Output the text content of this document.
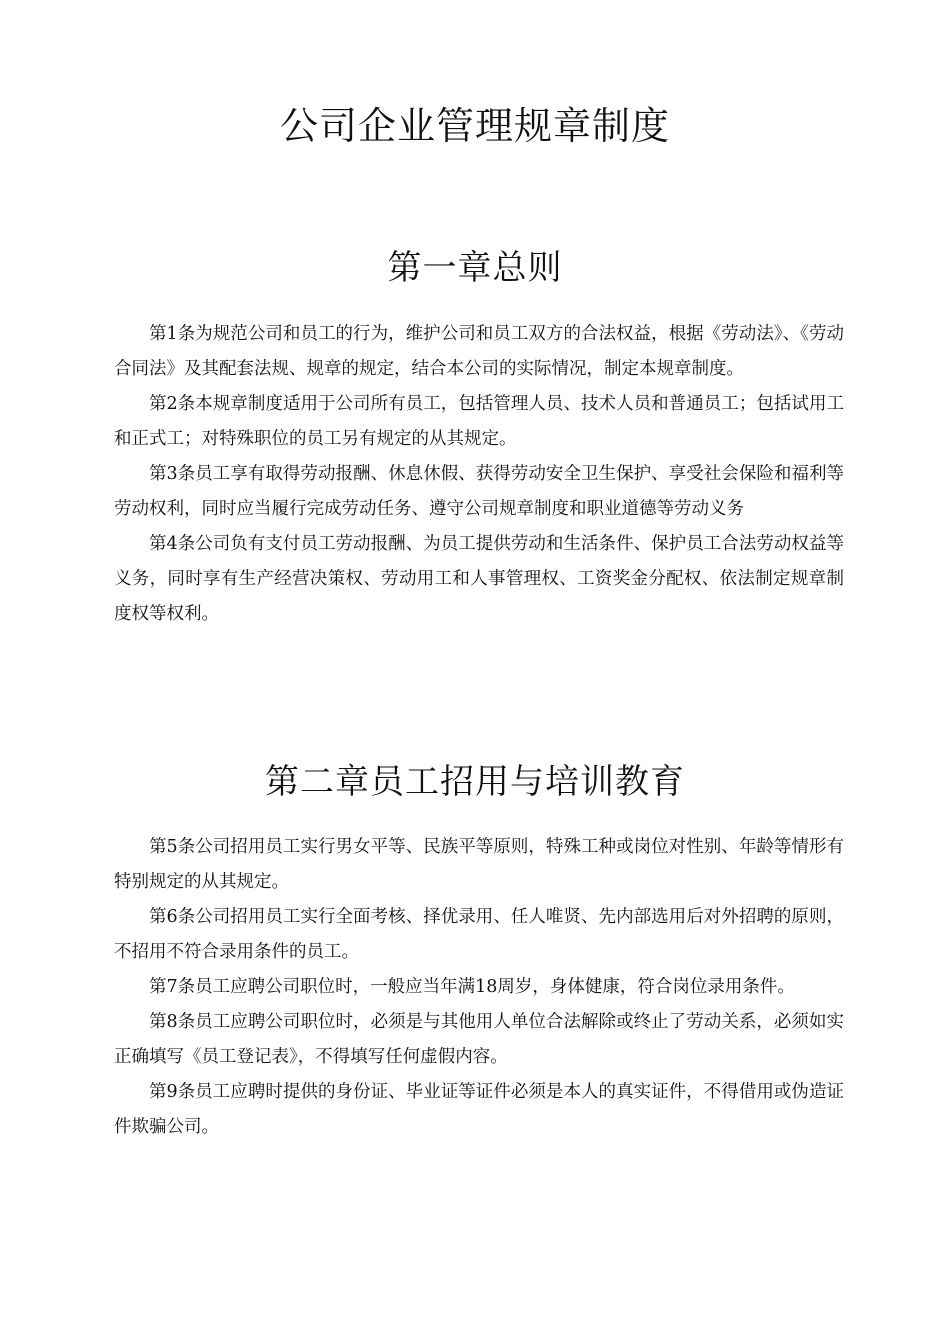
公司企业管理规章制度
第一章总则

第1条为规范公司和员工的行为，维护公司和员工双方的合法权益，根据《劳动法》、《劳动合同法》及其配套法规、规章的规定，结合本公司的实际情况，制定本规章制度。

第2条本规章制度适用于公司所有员工，包括管理人员、技术人员和普通员工；包括试用工和正式工；对特殊职位的员工另有规定的从其规定。

第3条员工享有取得劳动报酬、休息休假、获得劳动安全卫生保护、享受社会保险和福利等劳动权利，同时应当履行完成劳动任务、遵守公司规章制度和职业道德等劳动义务

第4条公司负有支付员工劳动报酬、为员工提供劳动和生活条件、保护员工合法劳动权益等义务，同时享有生产经营决策权、劳动用工和人事管理权、工资奖金分配权、依法制定规章制度权等权利。

第二章员工招用与培训教育

第5条公司招用员工实行男女平等、民族平等原则，特殊工种或岗位对性别、年龄等情形有特别规定的从其规定。

第6条公司招用员工实行全面考核、择优录用、任人唯贤、先内部选用后对外招聘的原则，不招用不符合录用条件的员工。

第7条员工应聘公司职位时，一般应当年满18周岁，身体健康，符合岗位录用条件。

第8条员工应聘公司职位时，必须是与其他用人单位合法解除或终止了劳动关系，必须如实正确填写《员工登记表》，不得填写任何虚假内容。

第9条员工应聘时提供的身份证、毕业证等证件必须是本人的真实证件，不得借用或伪造证件欺骗公司。
